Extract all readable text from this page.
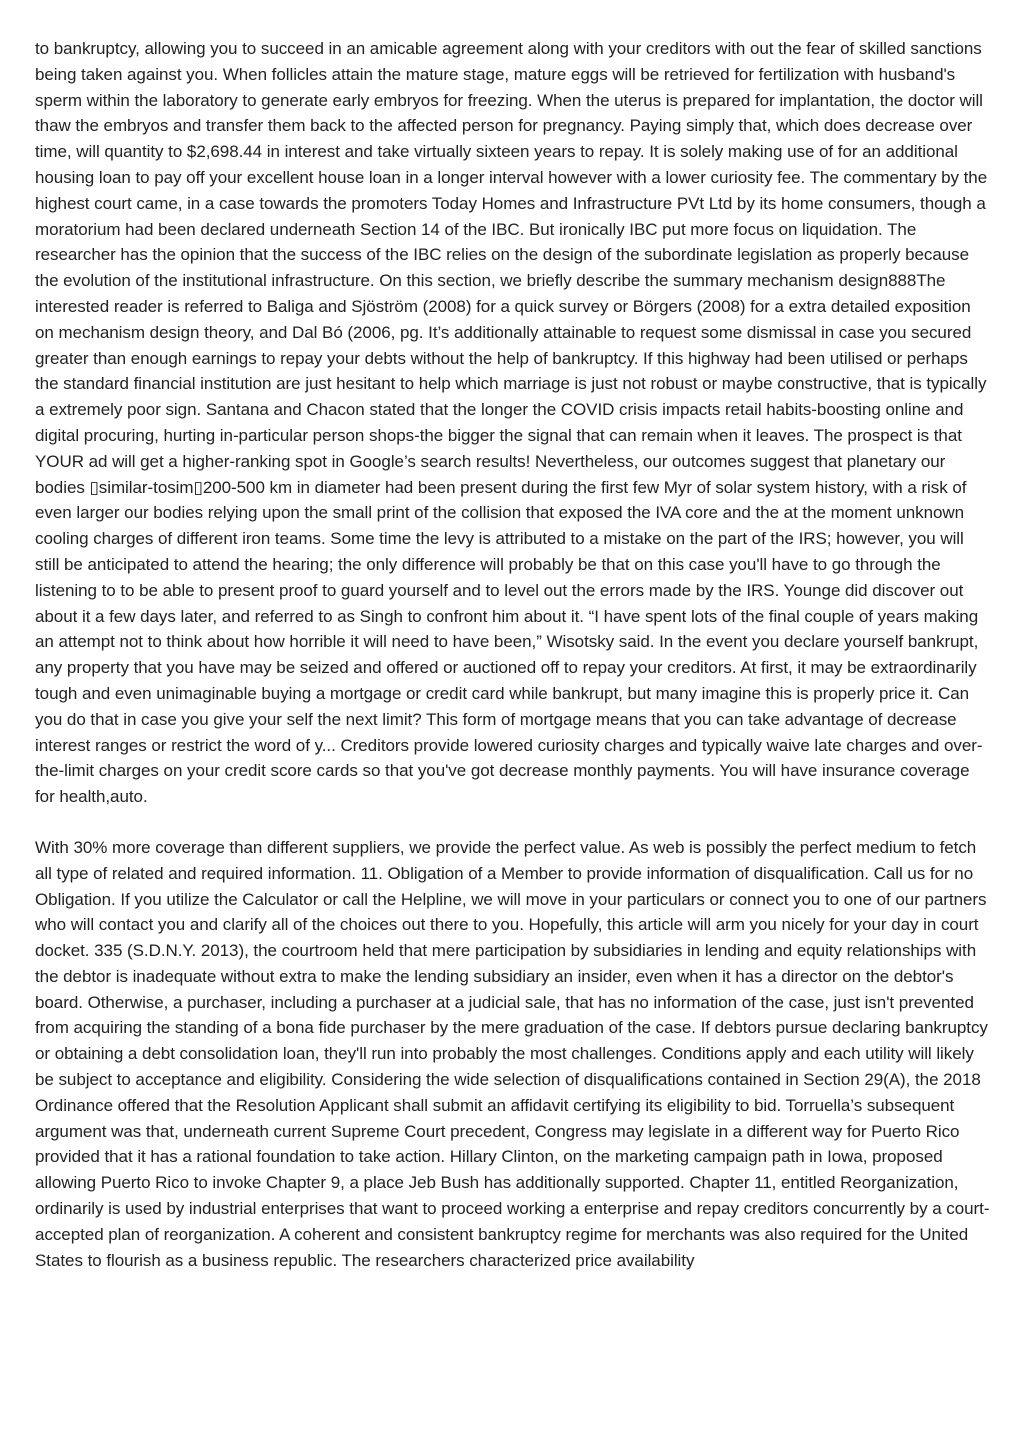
to bankruptcy, allowing you to succeed in an amicable agreement along with your creditors with out the fear of skilled sanctions being taken against you. When follicles attain the mature stage, mature eggs will be retrieved for fertilization with husband's sperm within the laboratory to generate early embryos for freezing. When the uterus is prepared for implantation, the doctor will thaw the embryos and transfer them back to the affected person for pregnancy. Paying simply that, which does decrease over time, will quantity to $2,698.44 in interest and take virtually sixteen years to repay. It is solely making use of for an additional housing loan to pay off your excellent house loan in a longer interval however with a lower curiosity fee. The commentary by the highest court came, in a case towards the promoters Today Homes and Infrastructure PVt Ltd by its home consumers, though a moratorium had been declared underneath Section 14 of the IBC. But ironically IBC put more focus on liquidation. The researcher has the opinion that the success of the IBC relies on the design of the subordinate legislation as properly because the evolution of the institutional infrastructure. On this section, we briefly describe the summary mechanism design888The interested reader is referred to Baliga and Sjöström (2008) for a quick survey or Börgers (2008) for a extra detailed exposition on mechanism design theory, and Dal Bó (2006, pg. It’s additionally attainable to request some dismissal in case you secured greater than enough earnings to repay your debts without the help of bankruptcy. If this highway had been utilised or perhaps the standard financial institution are just hesitant to help which marriage is just not robust or maybe constructive, that is typically a extremely poor sign. Santana and Chacon stated that the longer the COVID crisis impacts retail habits-boosting online and digital procuring, hurting in-particular person shops-the bigger the signal that can remain when it leaves. The prospect is that YOUR ad will get a higher-ranking spot in Google’s search results! Nevertheless, our outcomes suggest that planetary our bodies ▯similar-tosim▯200-500 km in diameter had been present during the first few Myr of solar system history, with a risk of even larger our bodies relying upon the small print of the collision that exposed the IVA core and the at the moment unknown cooling charges of different iron teams. Some time the levy is attributed to a mistake on the part of the IRS; however, you will still be anticipated to attend the hearing; the only difference will probably be that on this case you'll have to go through the listening to to be able to present proof to guard yourself and to level out the errors made by the IRS. Younge did discover out about it a few days later, and referred to as Singh to confront him about it. “I have spent lots of the final couple of years making an attempt not to think about how horrible it will need to have been,” Wisotsky said. In the event you declare yourself bankrupt, any property that you have may be seized and offered or auctioned off to repay your creditors. At first, it may be extraordinarily tough and even unimaginable buying a mortgage or credit card while bankrupt, but many imagine this is properly price it. Can you do that in case you give your self the next limit? This form of mortgage means that you can take advantage of decrease interest ranges or restrict the word of y... Creditors provide lowered curiosity charges and typically waive late charges and over-the-limit charges on your credit score cards so that you've got decrease monthly payments. You will have insurance coverage for health,auto.

With 30% more coverage than different suppliers, we provide the perfect value. As web is possibly the perfect medium to fetch all type of related and required information. 11. Obligation of a Member to provide information of disqualification. Call us for no Obligation. If you utilize the Calculator or call the Helpline, we will move in your particulars or connect you to one of our partners who will contact you and clarify all of the choices out there to you. Hopefully, this article will arm you nicely for your day in court docket. 335 (S.D.N.Y. 2013), the courtroom held that mere participation by subsidiaries in lending and equity relationships with the debtor is inadequate without extra to make the lending subsidiary an insider, even when it has a director on the debtor's board. Otherwise, a purchaser, including a purchaser at a judicial sale, that has no information of the case, just isn't prevented from acquiring the standing of a bona fide purchaser by the mere graduation of the case. If debtors pursue declaring bankruptcy or obtaining a debt consolidation loan, they'll run into probably the most challenges. Conditions apply and each utility will likely be subject to acceptance and eligibility. Considering the wide selection of disqualifications contained in Section 29(A), the 2018 Ordinance offered that the Resolution Applicant shall submit an affidavit certifying its eligibility to bid. Torruella’s subsequent argument was that, underneath current Supreme Court precedent, Congress may legislate in a different way for Puerto Rico provided that it has a rational foundation to take action. Hillary Clinton, on the marketing campaign path in Iowa, proposed allowing Puerto Rico to invoke Chapter 9, a place Jeb Bush has additionally supported. Chapter 11, entitled Reorganization, ordinarily is used by industrial enterprises that want to proceed working a enterprise and repay creditors concurrently by a court-accepted plan of reorganization. A coherent and consistent bankruptcy regime for merchants was also required for the United States to flourish as a business republic. The researchers characterized price availability
